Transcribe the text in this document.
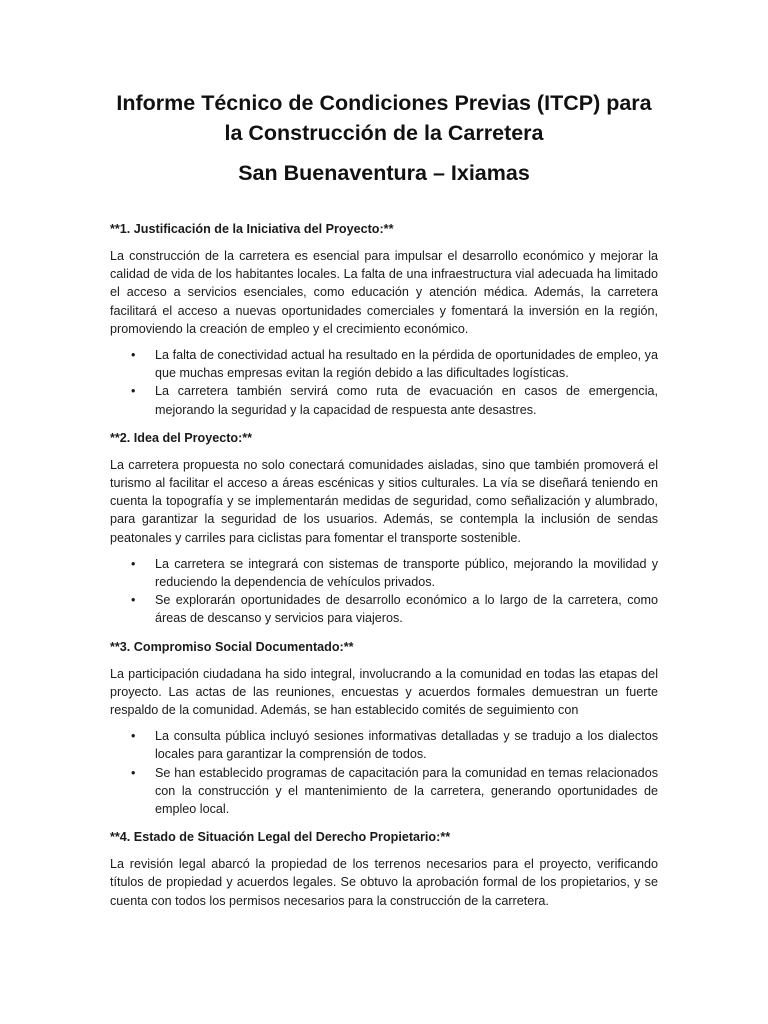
Informe Técnico de Condiciones Previas (ITCP) para la Construcción de la Carretera
San Buenaventura – Ixiamas

**1. Justificación de la Iniciativa del Proyecto:**

La construcción de la carretera es esencial para impulsar el desarrollo económico y mejorar la calidad de vida de los habitantes locales. La falta de una infraestructura vial adecuada ha limitado el acceso a servicios esenciales, como educación y atención médica. Además, la carretera facilitará el acceso a nuevas oportunidades comerciales y fomentará la inversión en la región, promoviendo la creación de empleo y el crecimiento económico.

• La falta de conectividad actual ha resultado en la pérdida de oportunidades de empleo, ya que muchas empresas evitan la región debido a las dificultades logísticas.
• La carretera también servirá como ruta de evacuación en casos de emergencia, mejorando la seguridad y la capacidad de respuesta ante desastres.

**2. Idea del Proyecto:**

La carretera propuesta no solo conectará comunidades aisladas, sino que también promoverá el turismo al facilitar el acceso a áreas escénicas y sitios culturales. La vía se diseñará teniendo en cuenta la topografía y se implementarán medidas de seguridad, como señalización y alumbrado, para garantizar la seguridad de los usuarios. Además, se contempla la inclusión de sendas peatonales y carriles para ciclistas para fomentar el transporte sostenible.

• La carretera se integrará con sistemas de transporte público, mejorando la movilidad y reduciendo la dependencia de vehículos privados.
• Se explorarán oportunidades de desarrollo económico a lo largo de la carretera, como áreas de descanso y servicios para viajeros.

**3. Compromiso Social Documentado:**

La participación ciudadana ha sido integral, involucrando a la comunidad en todas las etapas del proyecto. Las actas de las reuniones, encuestas y acuerdos formales demuestran un fuerte respaldo de la comunidad. Además, se han establecido comités de seguimiento con

• La consulta pública incluyó sesiones informativas detalladas y se tradujo a los dialectos locales para garantizar la comprensión de todos.
• Se han establecido programas de capacitación para la comunidad en temas relacionados con la construcción y el mantenimiento de la carretera, generando oportunidades de empleo local.

**4. Estado de Situación Legal del Derecho Propietario:**

La revisión legal abarcó la propiedad de los terrenos necesarios para el proyecto, verificando títulos de propiedad y acuerdos legales. Se obtuvo la aprobación formal de los propietarios, y se cuenta con todos los permisos necesarios para la construcción de la carretera.
